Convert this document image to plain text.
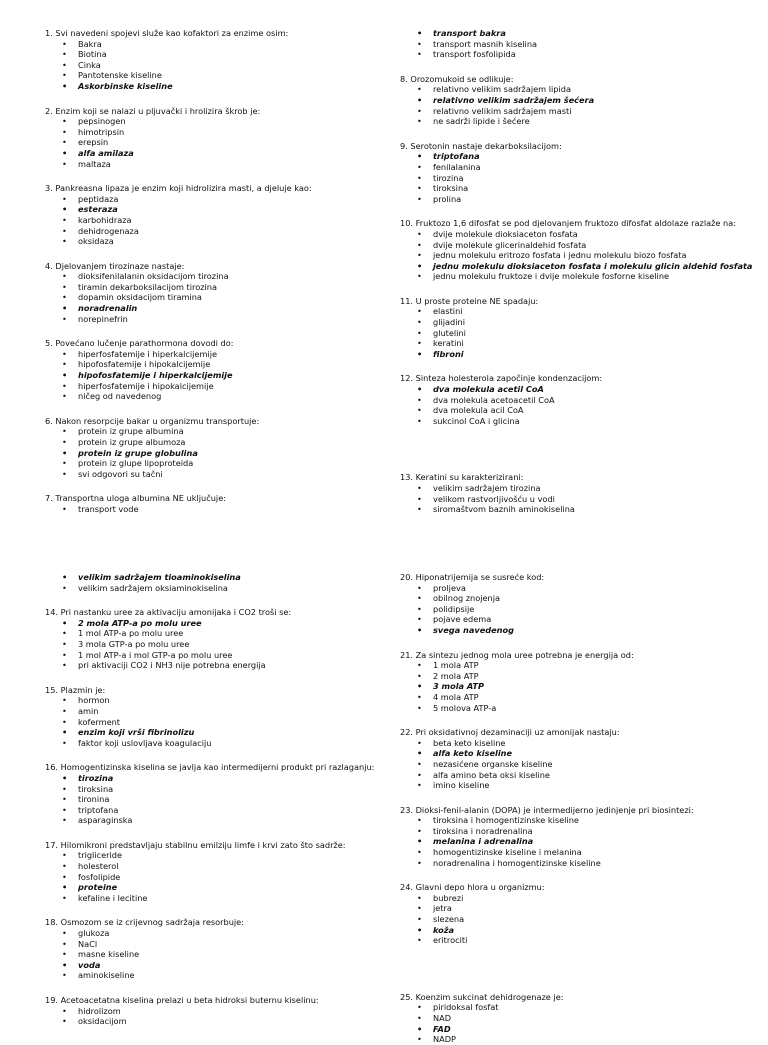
1. Svi navedeni spojevi služe kao kofaktori za enzime osim:
• Bakra
• Biotina
• Cinka
• Pantotenske kiseline
• Askorbinske kiseline
2. Enzim koji se nalazi u pljuvački i hrolizira škrob je:
• pepsinogen
• himotripsin
• erepsin
• alfa amilaza
• maltaza
3. Pankreasna lipaza je enzim koji hidrolizira masti, a djeluje kao:
• peptidaza
• esteraza
• karbohidraza
• dehidrogenaza
• oksidaza
4. Djelovanjem tirozinaze nastaje:
• dioksifenilalanin oksidacijom tirozina
• tiramin dekarboksilacijom tirozina
• dopamin oksidacijom tiramina
• noradrenalin
• norepinefrin
5. Povećano lučenje parathormona dovodi do:
• hiperfosfatemije i hiperkalcijemije
• hipofosfatemije i hipokalcijemije
• hipofosfatemije i hiperkalcijemije
• hiperfosfatemije i hipokalcijemije
• ničeg od navedenog
6. Nakon resorpcije bakar u organizmu transportuje:
• protein iz grupe albumina
• protein iz grupe albumoza
• protein iz grupe globulina
• protein iz glupe lipoproteida
• svi odgovori su tačni
7. Transportna uloga albumina NE uključuje:
• transport vode
• transport bakra
• transport masnih kiselina
• transport fosfolipida
8. Orozomukoid se odlikuje:
• relativno velikim sadržajem lipida
• relativno velikim sadržajem šećera
• relativno velikim sadržajem masti
• ne sadrži lipide i šećere
9. Serotonin nastaje dekarboksilacijom:
• triptofana
• fenilalanina
• tirozina
• tiroksina
• prolina
10. Fruktozo 1,6 difosfat se pod djelovanjem fruktozo difosfat aldolaze razlaže na:
• dvije molekule dioksiaceton fosfata
• dvije molekule glicerinaldehid fosfata
• jednu molekulu eritrozo fosfata i jednu molekulu biozo fosfata
• jednu molekulu dioksiaceton fosfata i molekulu glicin aldehid fosfata
• jednu molekulu fruktoze i dvije molekule fosforne kiseline
11. U proste proteine NE spadaju:
• elastini
• glijadini
• glutelini
• keratini
• fibroni
12. Sinteza holesterola započinje kondenzacijom:
• dva molekula acetil CoA
• dva molekula acetoacetil CoA
• dva molekula acil CoA
• sukcinol CoA i glicina
13. Keratini su karakterizirani:
• velikim sadržajem tirozina
• velikom rastvorljivošću u vodi
• siromaštvom baznih aminokiselina
• velikim sadržajem tioaminokiselina
• velikim sadržajem oksiaminokiselina
14. Pri nastanku uree za aktivaciju amonijaka i CO2 troši se:
• 2 mola ATP-a po molu uree
• 1 mol ATP-a po molu uree
• 3 mola GTP-a po molu uree
• 1 mol ATP-a i mol GTP-a po molu uree
• pri aktivaciji CO2 i NH3 nije potrebna energija
15. Plazmin je:
• hormon
• amin
• koferment
• enzim koji vrši fibrinolizu
• faktor koji uslovljava koagulaciju
16. Homogentizinska kiselina se javlja kao intermedijerni produkt pri razlaganju:
• tirozina
• tiroksina
• tironina
• triptofana
• asparaginska
17. Hilomikroni predstavljaju stabilnu emilziju limfe i krvi zato što sadrže:
• trigliceride
• holesterol
• fosfolipide
• proteine
• kefaline i lecitine
18. Osmozom se iz crijevnog sadržaja resorbuje:
• glukoza
• NaCl
• masne kiseline
• voda
• aminokiseline
19. Acetoacetatna kiselina prelazi u beta hidroksi buternu kiselinu:
• hidrolizom
• oksidacijom
20. Hiponatrijemija se susreće kod:
• proljeva
• obilnog znojenja
• polidipsije
• pojave edema
• svega navedenog
21. Za sintezu jednog mola uree potrebna je energija od:
• 1 mola ATP
• 2 mola ATP
• 3 mola ATP
• 4 mola ATP
• 5 molova ATP-a
22. Pri oksidativnoj dezaminaciji uz amonijak nastaju:
• beta keto kiseline
• alfa keto kiseline
• nezasićene organske kiseline
• alfa amino beta oksi kiseline
• imino kiseline
23. Dioksi-fenil-alanin (DOPA) je intermedijerno jedinjenje pri biosintezi:
• tiroksina i homogentizinske kiseline
• tiroksina i noradrenalina
• melanina i adrenalina
• homogentizinske kiseline i melanina
• noradrenalina i homogentizinske kiseline
24. Glavni depo hlora u organizmu:
• bubrezi
• jetra
• slezena
• koža
• eritrociti
25. Koenzim sukcinat dehidrogenaze je:
• piridoksal fosfat
• NAD
• FAD
• NADP
